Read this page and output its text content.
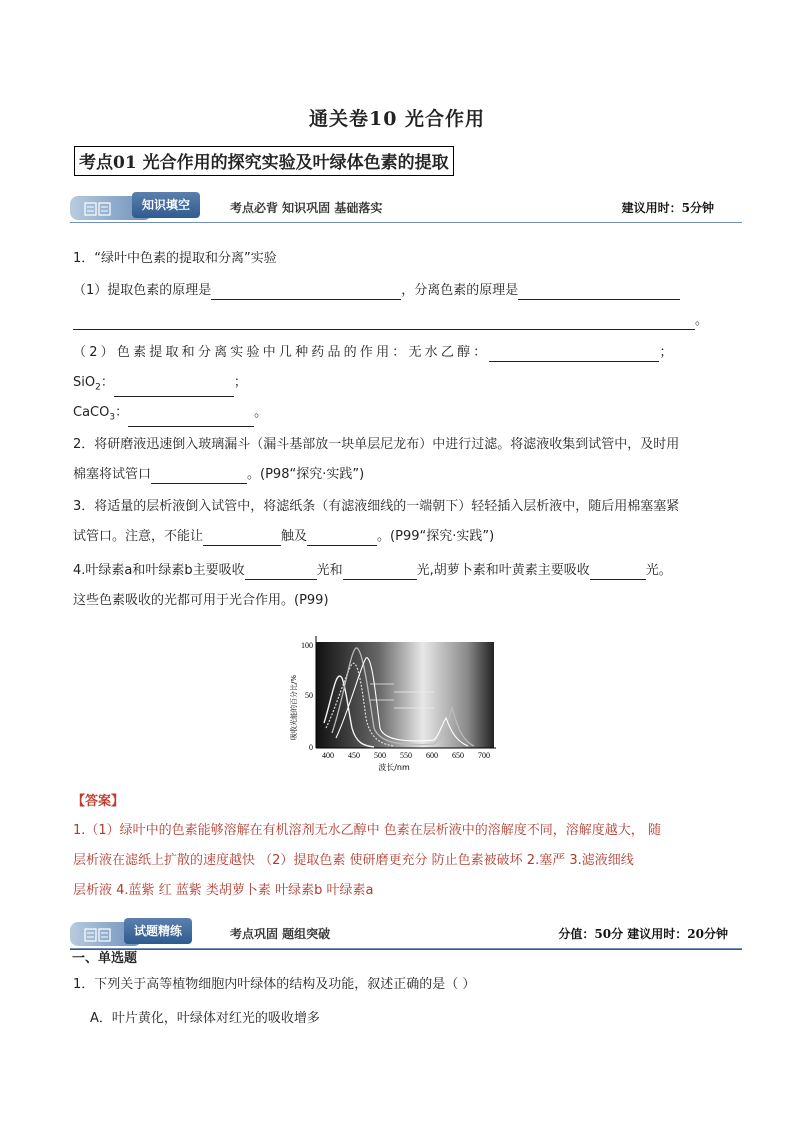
通关卷10 光合作用
考点01 光合作用的探究实验及叶绿体色素的提取
知识填空	考点必背 知识巩固 基础落实	建议用时：5分钟
1．“绿叶中色素的提取和分离”实验
（1）提取色素的原理是	，分离色素的原理是
。
（2）色素提取和分离实验中几种药品的作用：无水乙醇：	；
SiO$_2$：	；
CaCO$_3$：	。
2．将研磨液迅速倒入玻璃漏斗（漏斗基部放一块单层尼龙布）中进行过滤。将滤液收集到试管中，及时用
棉塞将试管口	。(P98“探究·实践”)
3．将适量的层析液倒入试管中，将滤纸条（有滤液细线的一端朝下）轻轻插入层析液中，随后用棉塞塞紧
试管口。注意，不能让	触及	。(P99“探究·实践”)
4.叶绿素a和叶绿素b主要吸收	光和	光,胡萝卜素和叶黄素主要吸收	光。
这些色素吸收的光都可用于光合作用。(P99)
100
50
0
400 450 500 550 600 650 700
波长/nm
吸收光能的百分比/%
【答案】
1.（1）绿叶中的色素能够溶解在有机溶剂无水乙醇中 色素在层析液中的溶解度不同，溶解度越大， 随
层析液在滤纸上扩散的速度越快 （2）提取色素 使研磨更充分 防止色素被破坏 2.塞严 3.滤液细线
层析液 4.蓝紫 红 蓝紫 类胡萝卜素 叶绿素b 叶绿素a
试题精练	考点巩固 题组突破	分值：50分 建议用时：20分钟
一、单选题
1．下列关于高等植物细胞内叶绿体的结构及功能，叙述正确的是（ ）
A．叶片黄化，叶绿体对红光的吸收增多
